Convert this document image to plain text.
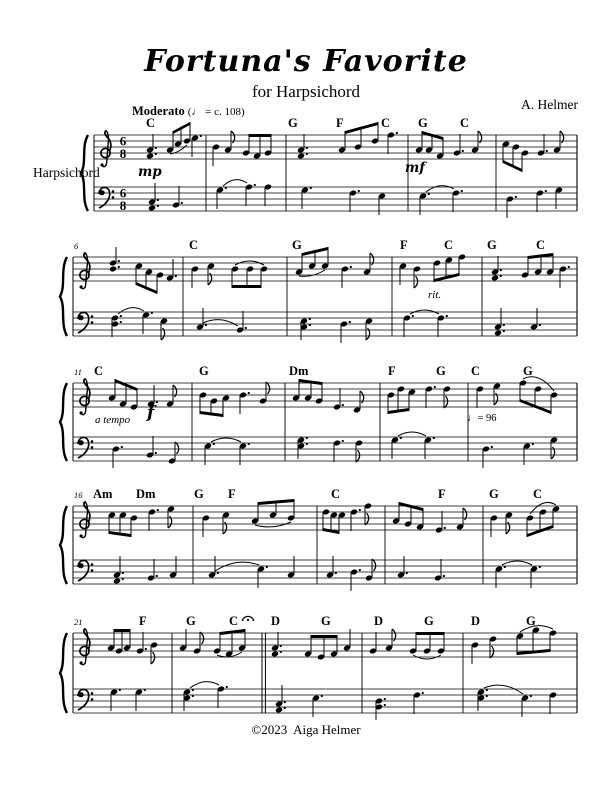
6
8
6
8
Fortuna's Favorite
for Harpsichord
A. Helmer
Moderato (♩ = c. 108)
Harpsichord
C	G	F	C G	C
mp	mf
6	C	G	F	C	G	C
rit.
11 C	G	Dm	F	G C	G
a tempo f	♩= 96
16 Am Dm	G F	C	F	G	C
21	F	G	C	D	G	D	G	D	G
©2023  Aiga Helmer
